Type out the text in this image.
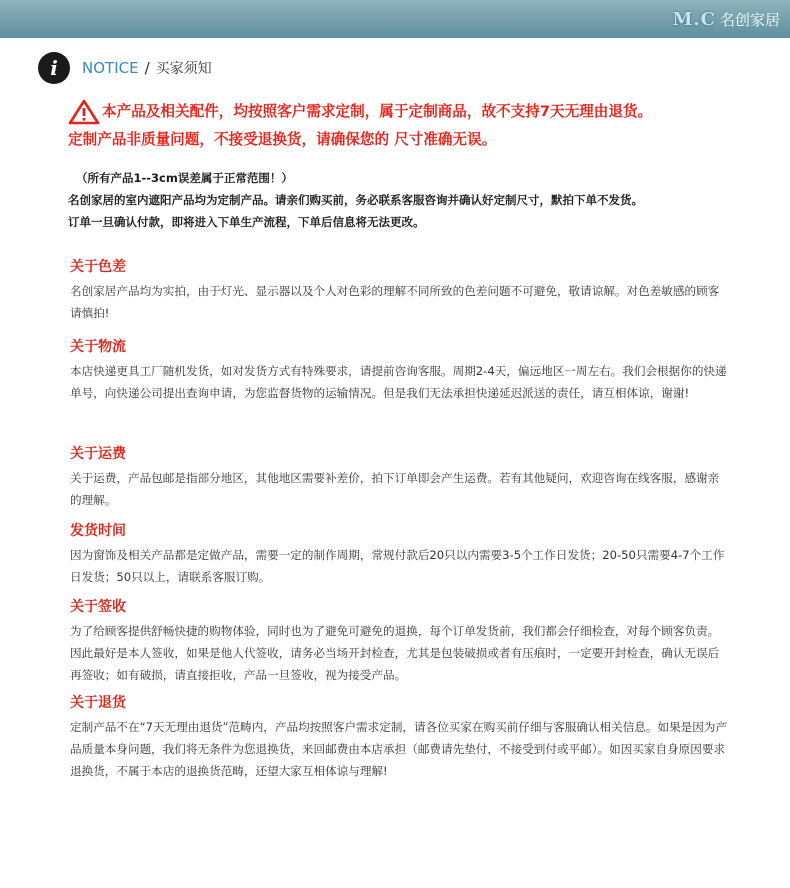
M.C 名创家居
i	NOTICE / 买家须知
本产品及相关配件，均按照客户需求定制，属于定制商品，故不支持7天无理由退货。
定制产品非质量问题，不接受退换货，请确保您的 尺寸准确无误。
（所有产品1--3cm误差属于正常范围！）
名创家居的室内遮阳产品均为定制产品。请亲们购买前，务必联系客服咨询并确认好定制尺寸，默拍下单不发货。
订单一旦确认付款，即将进入下单生产流程，下单后信息将无法更改。
关于色差

名创家居产品均为实拍，由于灯光、显示器以及个人对色彩的理解不同所致的色差问题不可避免，敬请谅解。对色差敏感的顾客请慎拍!

关于物流

本店快递更具工厂随机发货，如对发货方式有特殊要求，请提前咨询客服。周期2-4天，偏远地区一周左右。我们会根据你的快递单号，向快递公司提出查询申请，为您监督货物的运输情况。但是我们无法承担快递延迟派送的责任，请互相体谅，谢谢!

关于运费

关于运费，产品包邮是指部分地区，其他地区需要补差价，拍下订单即会产生运费。若有其他疑问，欢迎咨询在线客服，感谢亲的理解。

发货时间

因为窗饰及相关产品都是定做产品，需要一定的制作周期，常规付款后20只以内需要3-5个工作日发货；20-50只需要4-7个工作日发货；50只以上，请联系客服订购。

关于签收

为了给顾客提供舒畅快捷的购物体验，同时也为了避免可避免的退换，每个订单发货前，我们都会仔细检查，对每个顾客负责。因此最好是本人签收，如果是他人代签收，请务必当场开封检查，尤其是包装破损或者有压痕时，一定要开封检查，确认无误后再签收；如有破损，请直接拒收，产品一旦签收，视为接受产品。

关于退货

定制产品不在“7天无理由退货”范畴内，产品均按照客户需求定制，请各位买家在购买前仔细与客服确认相关信息。如果是因为产品质量本身问题，我们将无条件为您退换货，来回邮费由本店承担（邮费请先垫付，不接受到付或平邮）。如因买家自身原因要求退换货，不属于本店的退换货范畴，还望大家互相体谅与理解!
